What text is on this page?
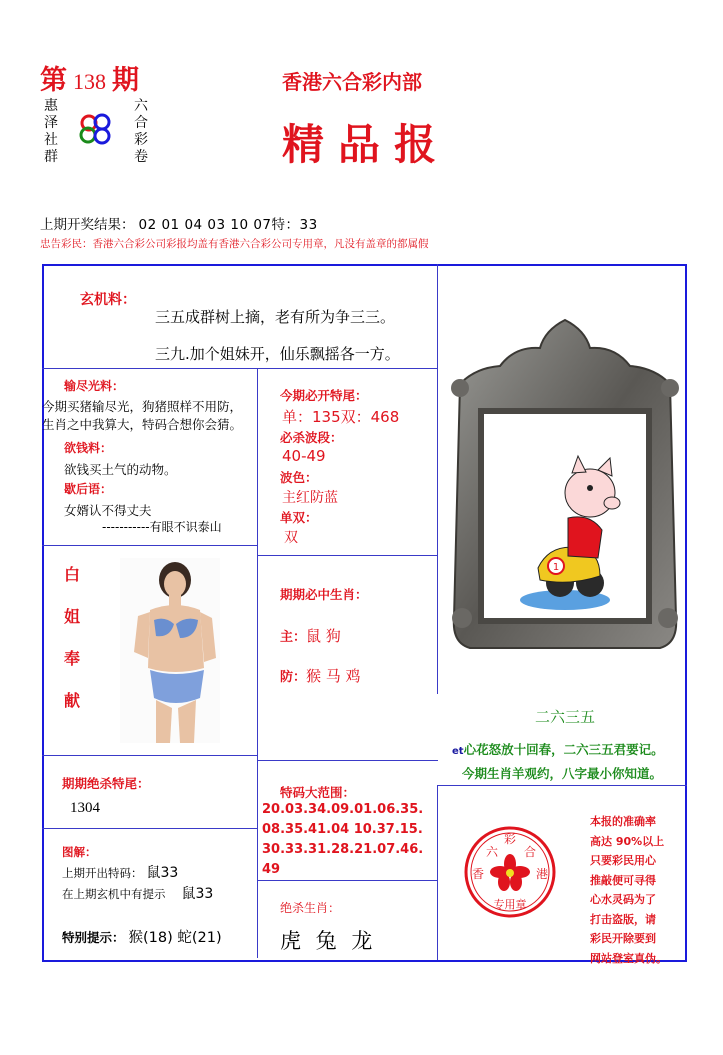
第 138 期
惠
泽
社
群
六
合
彩
卷
香港六合彩内部
精品报
上期开奖结果： 02 01 04 03 10 07特：33
忠告彩民：香港六合彩公司彩报均盖有香港六合彩公司专用章，凡没有盖章的都属假
玄机料：
三五成群树上摘，老有所为争三三。
三九.加个姐妹开，仙乐飘摇各一方。
输尽光料：
今期买猪输尽光，狗猪照样不用防，
生肖之中我算大，特码合想你会猜。
欲钱料：
欲钱买土气的动物。
歇后语：
女婿认不得丈夫
-----------有眼不识泰山
今期必开特尾：
单：135双：468
必杀波段：
40-49
波色：
主红防蓝
单双：
双
白
姐
奉
献
期期必中生肖：
主：鼠 狗
防：猴 马 鸡
1
二六三五
et心花怒放十回春，二六三五君要记。
今期生肖羊观约，八字最小你知道。
期期绝杀特尾：
1304
特码大范围：
20.03.34.09.01.06.35.
08.35.41.04 10.37.15.
30.33.31.28.21.07.46.
49
图解：
上期开出特码： 鼠33
在上期玄机中有提示 鼠33
特别提示： 猴(18) 蛇(21)
绝杀生肖：
虎 兔 龙
六
彩
合
香	港
专用章
本报的准确率
高达 90%以上
只要彩民用心
推敲便可寻得
心水灵码为了
打击盗版，请
彩民开除要到
网站登室真伪。
